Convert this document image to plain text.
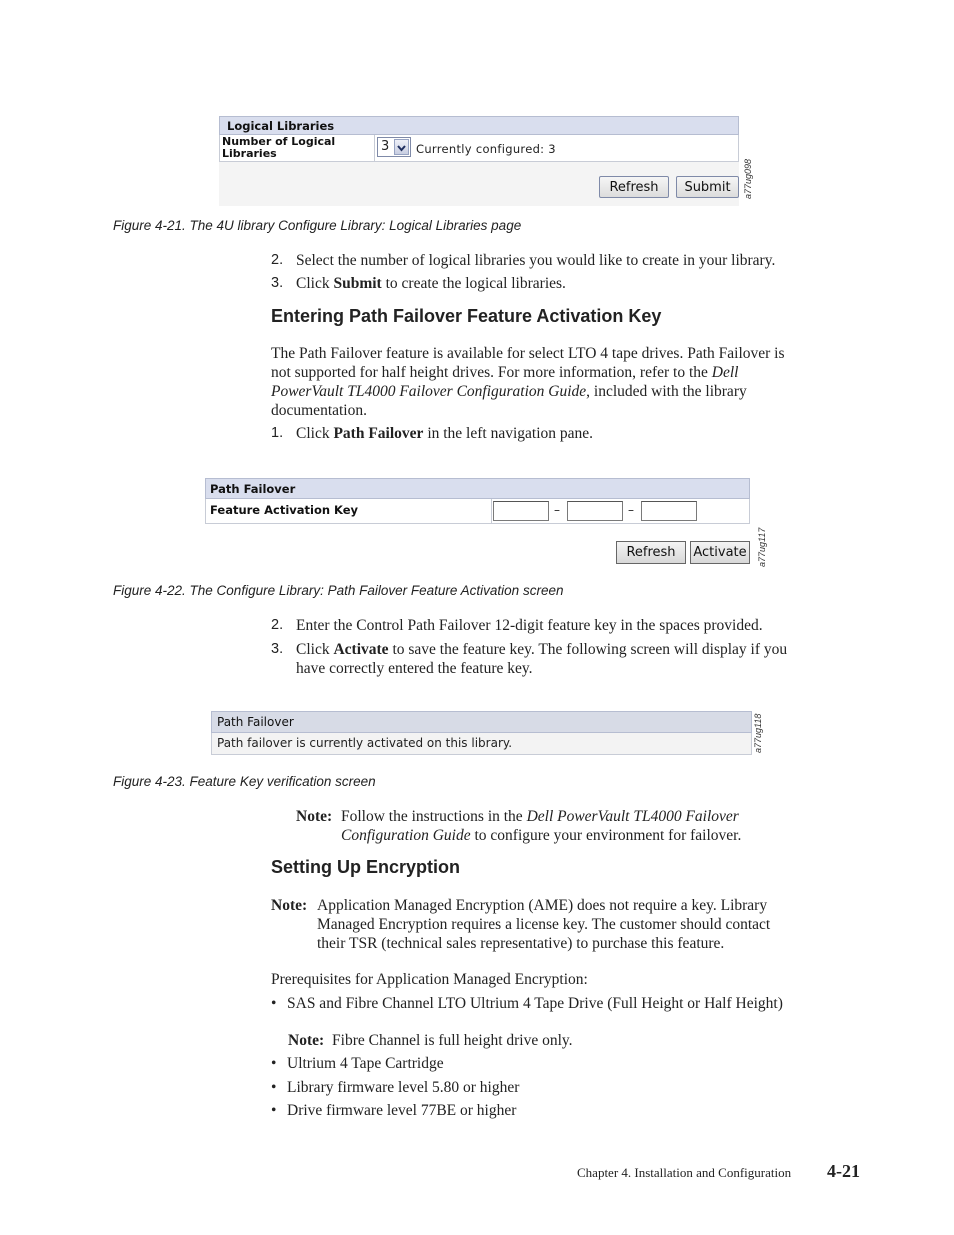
Logical Libraries
Number of Logical
Libraries	3 Currently configured: 3
Refresh	Submit	a77ug098
Figure 4-21. The 4U library Configure Library: Logical Libraries page
2. Select the number of logical libraries you would like to create in your library.
3. Click Submit to create the logical libraries.
Entering Path Failover Feature Activation Key
The Path Failover feature is available for select LTO 4 tape drives. Path Failover is
not supported for half height drives. For more information, refer to the Dell
PowerVault TL4000 Failover Configuration Guide, included with the library
documentation.
1. Click Path Failover in the left navigation pane.
Path Failover
Feature Activation Key	–	–
Refresh	Activate	a77ug117
Figure 4-22. The Configure Library: Path Failover Feature Activation screen
2. Enter the Control Path Failover 12-digit feature key in the spaces provided.
3. Click Activate to save the feature key. The following screen will display if you
have correctly entered the feature key.
Path Failover
Path failover is currently activated on this library.	a77ug118
Figure 4-23. Feature Key verification screen
Note: Follow the instructions in the Dell PowerVault TL4000 Failover
Configuration Guide to configure your environment for failover.
Setting Up Encryption
Note: Application Managed Encryption (AME) does not require a key. Library
Managed Encryption requires a license key. The customer should contact
their TSR (technical sales representative) to purchase this feature.
Prerequisites for Application Managed Encryption:
• SAS and Fibre Channel LTO Ultrium 4 Tape Drive (Full Height or Half Height)
Note: Fibre Channel is full height drive only.
• Ultrium 4 Tape Cartridge
• Library firmware level 5.80 or higher
• Drive firmware level 77BE or higher
Chapter 4. Installation and Configuration 4-21
